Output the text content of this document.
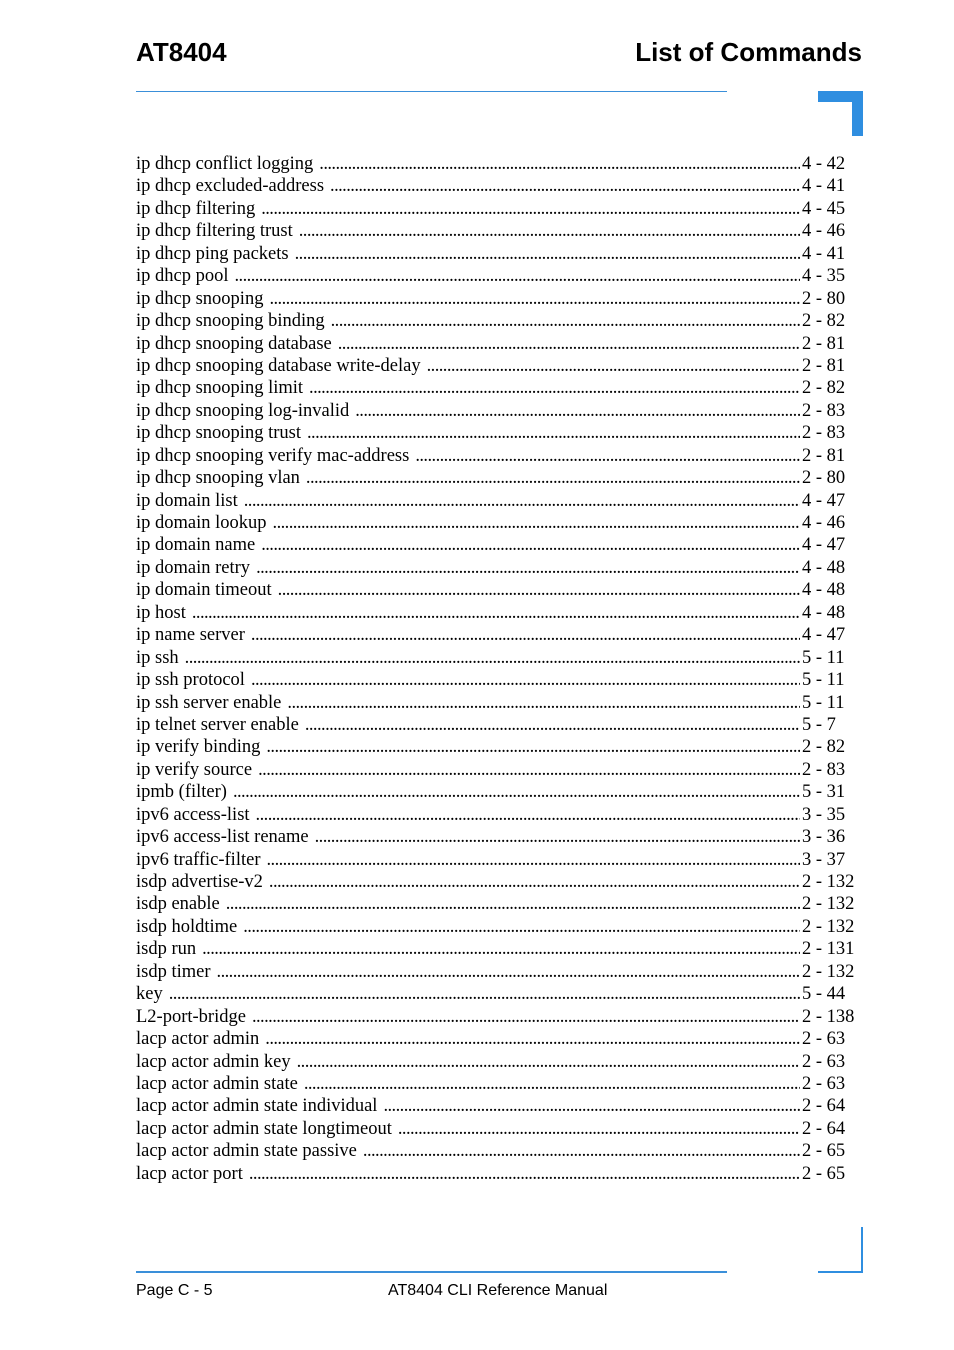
AT8404	List of Commands
ip dhcp conflict logging . . .	4 - 42
ip dhcp excluded-address . . .	4 - 41
ip dhcp filtering . . .	4 - 45
ip dhcp filtering trust . . .	4 - 46
ip dhcp ping packets . . .	4 - 41
ip dhcp pool . . .	4 - 35
ip dhcp snooping . . .	2 - 80
ip dhcp snooping binding . . .	2 - 82
ip dhcp snooping database . . .	2 - 81
ip dhcp snooping database write-delay . . .	2 - 81
ip dhcp snooping limit . . .	2 - 82
ip dhcp snooping log-invalid . . .	2 - 83
ip dhcp snooping trust . . .	2 - 83
ip dhcp snooping verify mac-address . . .	2 - 81
ip dhcp snooping vlan . . .	2 - 80
ip domain list . . .	4 - 47
ip domain lookup . . .	4 - 46
ip domain name . . .	4 - 47
ip domain retry . . .	4 - 48
ip domain timeout . . .	4 - 48
ip host . . .	4 - 48
ip name server . . .	4 - 47
ip ssh . . .	5 - 11
ip ssh protocol . . .	5 - 11
ip ssh server enable . . .	5 - 11
ip telnet server enable . . .	5 - 7
ip verify binding . . .	2 - 82
ip verify source . . .	2 - 83
ipmb (filter) . . .	5 - 31
ipv6 access-list . . .	3 - 35
ipv6 access-list rename . . .	3 - 36
ipv6 traffic-filter . . .	3 - 37
isdp advertise-v2 . . .	2 - 132
isdp enable . . .	2 - 132
isdp holdtime . . .	2 - 132
isdp run . . .	2 - 131
isdp timer . . .	2 - 132
key . . .	5 - 44
L2-port-bridge . . .	2 - 138
lacp actor admin . . .	2 - 63
lacp actor admin key . . .	2 - 63
lacp actor admin state . . .	2 - 63
lacp actor admin state individual . . .	2 - 64
lacp actor admin state longtimeout . . .	2 - 64
lacp actor admin state passive . . .	2 - 65
lacp actor port . . .	2 - 65
Page C - 5	AT8404 CLI Reference Manual
